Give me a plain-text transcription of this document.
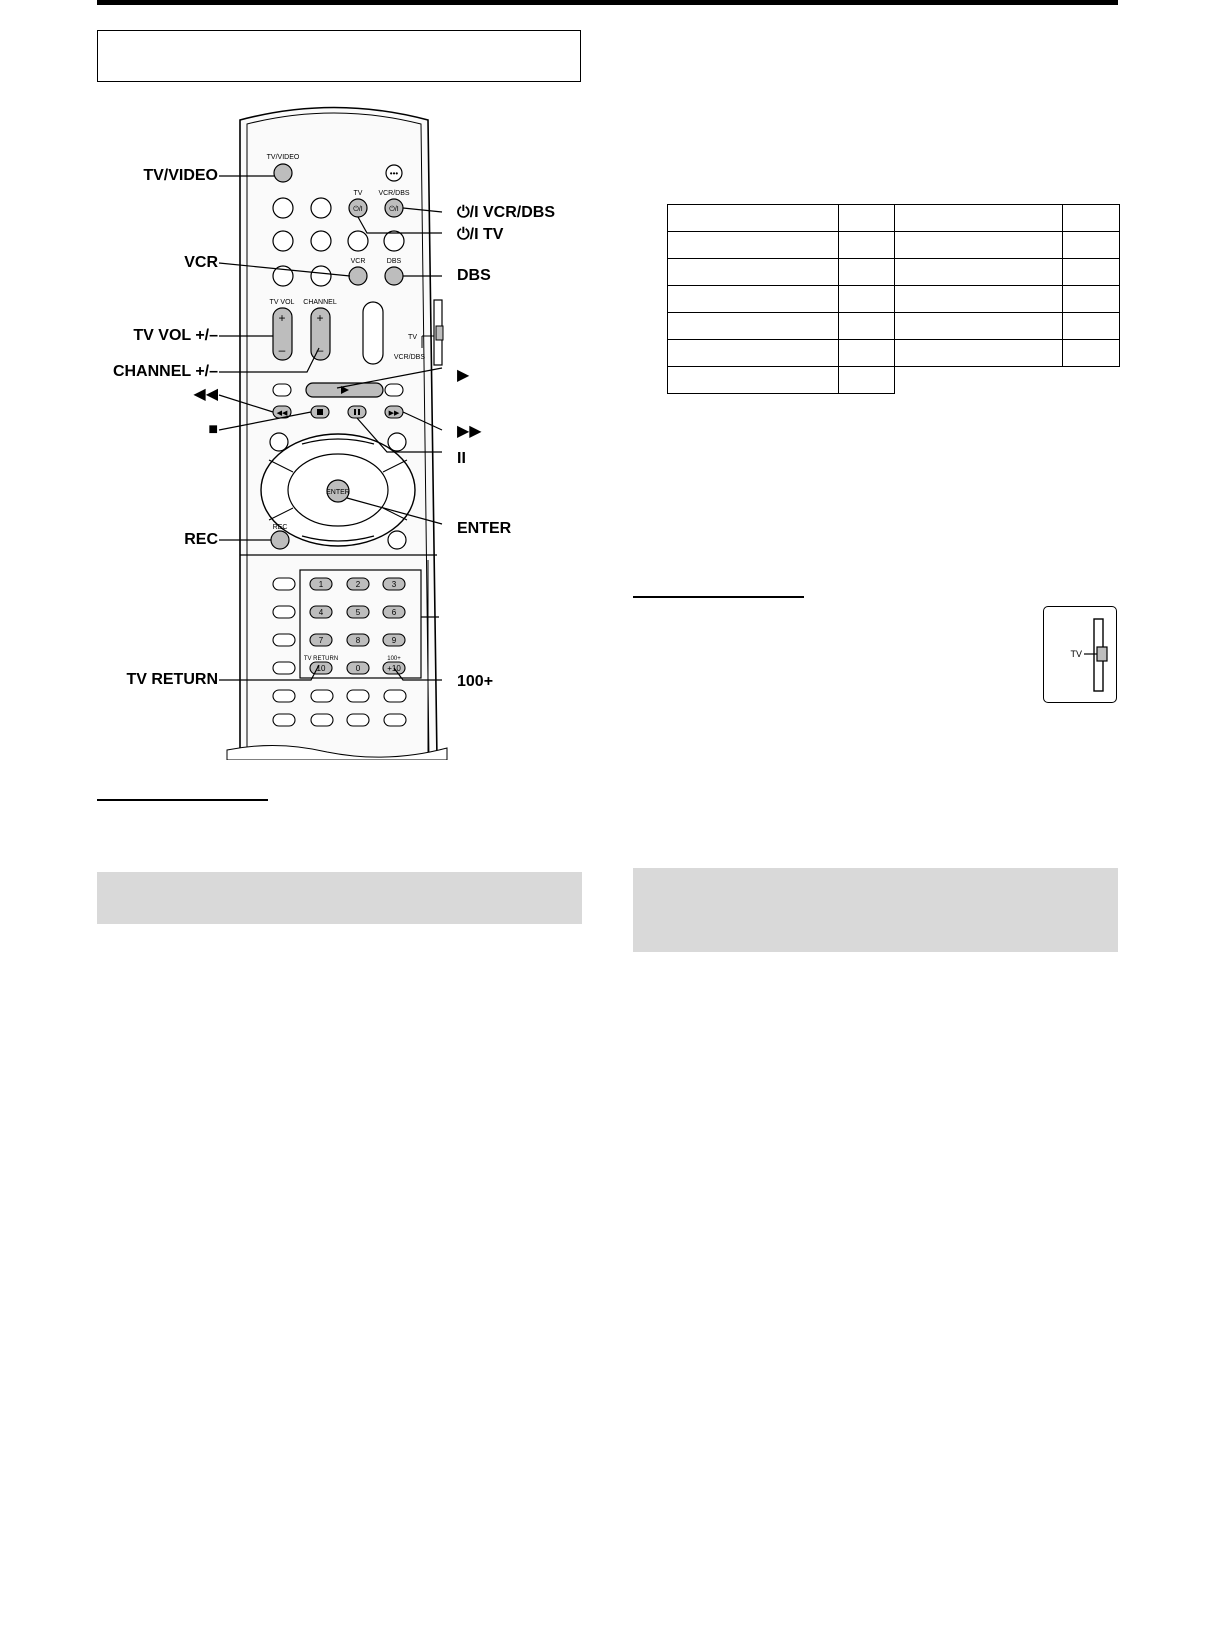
•••
⏻/I	⏻/I
+
–
+
–
◀◀	▶▶
1	2	3
4	5	6
7	8	9
10	0	+10
TV/VIDEO
TV VCR/DBS
VCR	DBS
TV VOL CHANNEL
TV
VCR/DBS
ENTER
REC
TV RETURN	100+
TV/VIDEO
VCR
TV VOL +/–
CHANNEL +/–
◀◀
■
REC
TV RETURN
⏻/I VCR/DBS
⏻/I TV
DBS
▶
▶▶
II
ENTER
100+

TV
